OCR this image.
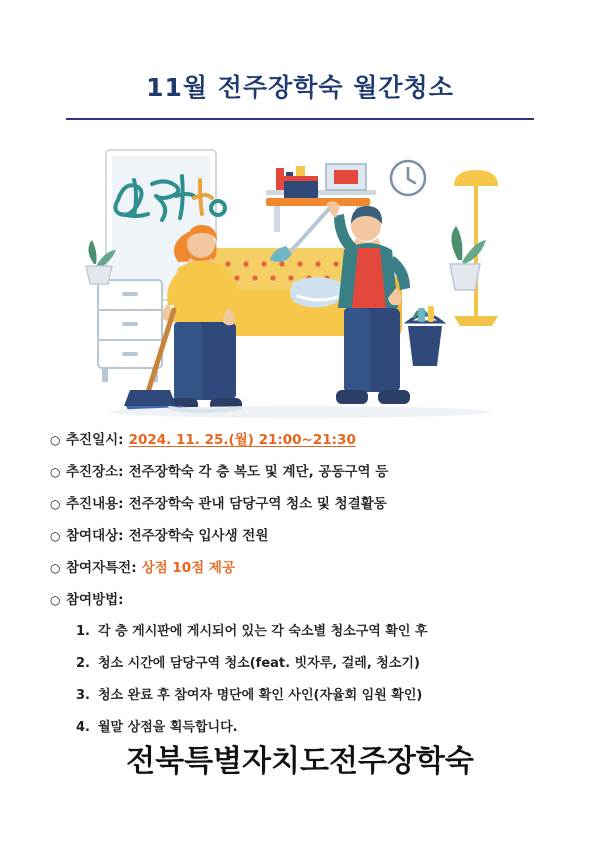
11월 전주장학숙 월간청소
○ 추진일시: 2024. 11. 25.(월) 21:00~21:30
○ 추진장소: 전주장학숙 각 층 복도 및 계단, 공동구역 등
○ 추진내용: 전주장학숙 관내 담당구역 청소 및 청결활동
○ 참여대상: 전주장학숙 입사생 전원
○ 참여자특전: 상점 10점 제공
○ 참여방법:
1. 각 층 게시판에 게시되어 있는 각 숙소별 청소구역 확인 후
2. 청소 시간에 담당구역 청소(feat. 빗자루, 걸레, 청소기)
3. 청소 완료 후 참여자 명단에 확인 사인(자율회 임원 확인)
4. 월말 상점을 획득합니다.
전북특별자치도전주장학숙
